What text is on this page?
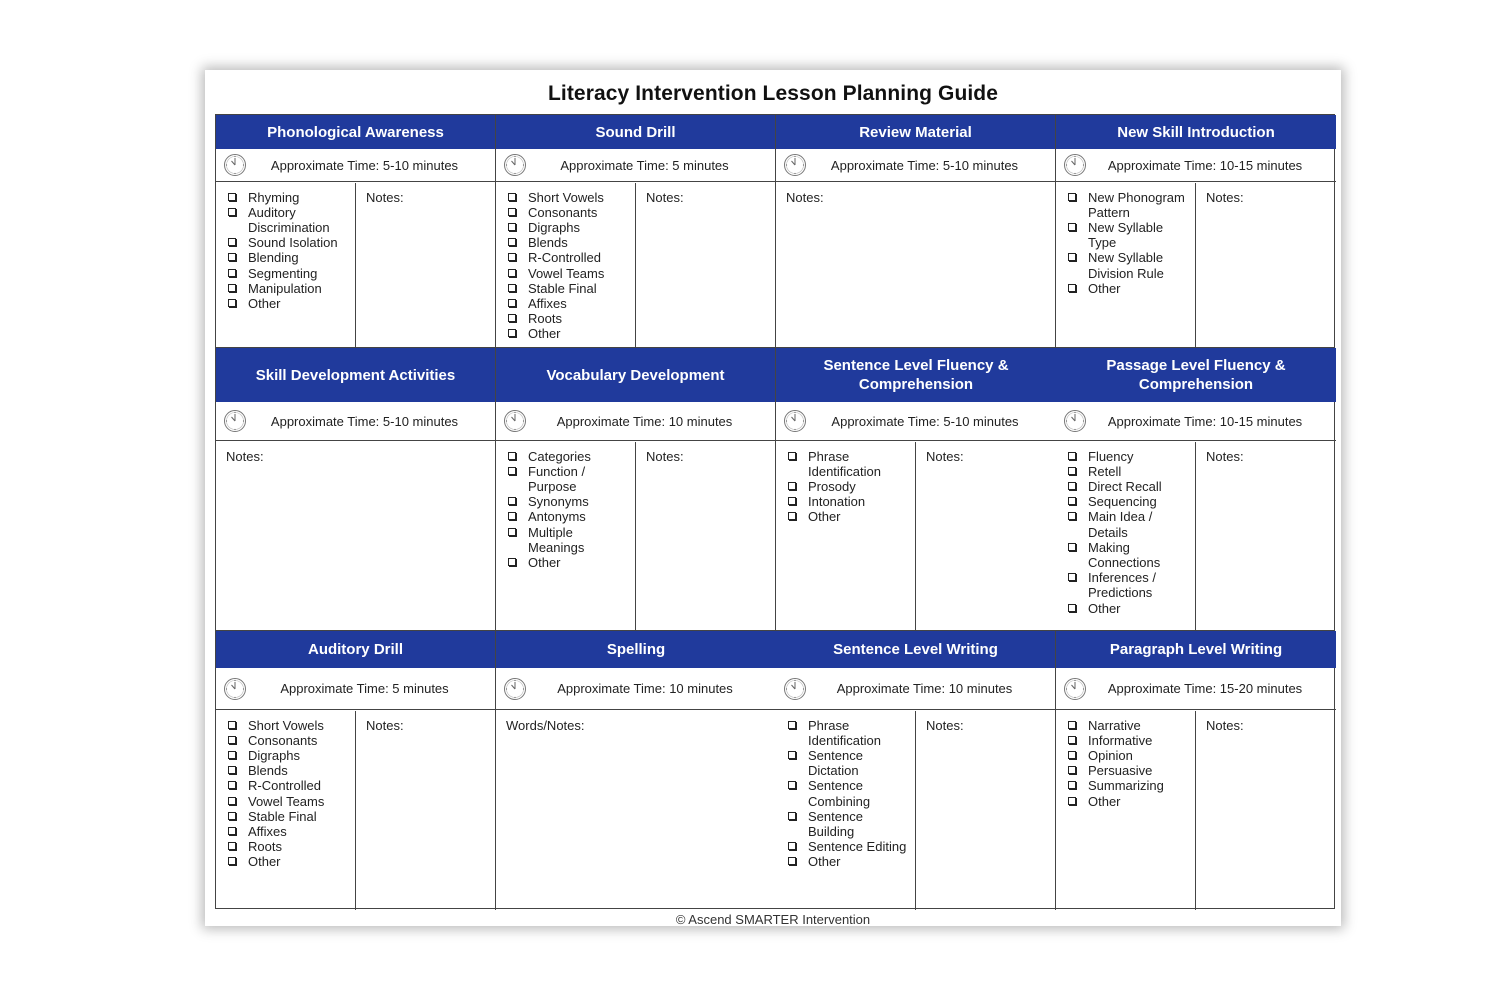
Literacy Intervention Lesson Planning Guide
Phonological Awareness
Approximate Time: 5-10 minutes
Rhyming
Auditory Discrimination
Sound Isolation
Blending
Segmenting
Manipulation
Other
Notes:
Sound Drill
Approximate Time: 5 minutes
Short Vowels
Consonants
Digraphs
Blends
R-Controlled
Vowel Teams
Stable Final
Affixes
Roots
Other
Notes:
Review Material
Approximate Time: 5-10 minutes
Notes:
New Skill Introduction
Approximate Time: 10-15 minutes
New Phonogram Pattern
New Syllable Type
New Syllable Division Rule
Other
Notes:
Skill Development Activities
Approximate Time: 5-10 minutes
Notes:
Vocabulary Development
Approximate Time: 10 minutes
Categories
Function / Purpose
Synonyms
Antonyms
Multiple Meanings
Other
Notes:
Sentence Level Fluency & Comprehension
Approximate Time: 5-10 minutes
Phrase Identification
Prosody
Intonation
Other
Notes:
Passage Level Fluency & Comprehension
Approximate Time: 10-15 minutes
Fluency
Retell
Direct Recall
Sequencing
Main Idea / Details
Making Connections
Inferences / Predictions
Other
Notes:
Auditory Drill
Approximate Time: 5 minutes
Short Vowels
Consonants
Digraphs
Blends
R-Controlled
Vowel Teams
Stable Final
Affixes
Roots
Other
Notes:
Spelling
Approximate Time: 10 minutes
Words/Notes:
Sentence Level Writing
Approximate Time: 10 minutes
Phrase Identification
Sentence Dictation
Sentence Combining
Sentence Building
Sentence Editing
Other
Notes:
Paragraph Level Writing
Approximate Time: 15-20 minutes
Narrative
Informative
Opinion
Persuasive
Summarizing
Other
Notes:
© Ascend SMARTER Intervention
